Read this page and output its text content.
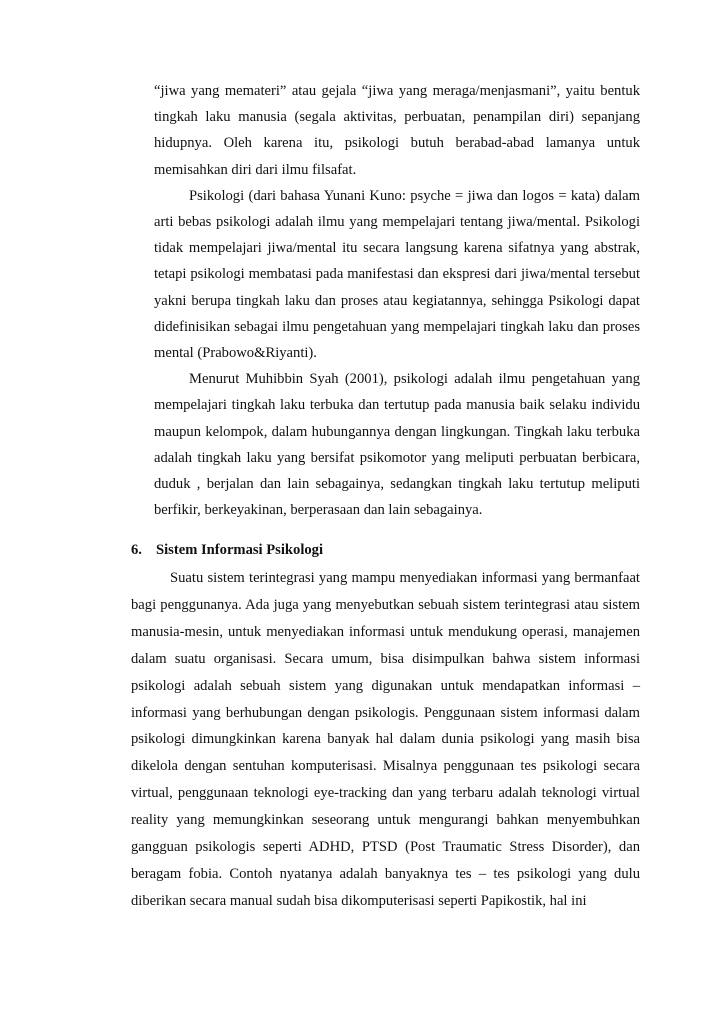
“jiwa yang ​​mematerі” atau gejala “jiwa yang ​​meraga/menjasmani”, yaitu bentuk tingkah laku manusia (segala aktivitas, perbuatan, penampilan diri) sepanjang hidupnya. Oleh karena itu, psikologi butuh berabad-abad lamanya untuk memisahkan diri dari ilmu filsafat.

Psikologi (dari bahasa Yunani Kuno: psyche = jiwa dan logos = kata) dalam arti bebas psikologi adalah ilmu yang mempelajari tentang jiwa/mental. Psikologi tidak mempelajari jiwa/mental itu secara langsung karena sifatnya yang abstrak, tetapi psikologi membatasi pada manifestasi dan ekspresi dari jiwa/mental tersebut yakni berupa tingkah laku dan proses atau kegiatannya, sehingga Psikologi dapat didefinisikan sebagai ilmu pengetahuan yang mempelajari tingkah laku dan proses mental (Prabowo&Riyanti).

Menurut Muhibbin Syah (2001), psikologi adalah ilmu pengetahuan yang mempelajari tingkah laku terbuka dan tertutup pada manusia baik selaku individu maupun kelompok, dalam hubungannya dengan lingkungan. Tingkah laku terbuka adalah tingkah laku yang bersifat psikomotor yang meliputi perbuatan berbicara, duduk , berjalan dan lain sebagainya, sedangkan tingkah laku tertutup meliputi berfikir, berkeyakinan, berperasaan dan lain sebagainya.

6. Sistem Informasi Psikologi

Suatu sistem terintegrasi yang mampu menyediakan informasi yang bermanfaat bagi penggunanya. Ada juga yang menyebutkan sebuah sistem terintegrasi atau sistem manusia-mesin, untuk menyediakan informasi untuk mendukung operasi, manajemen dalam suatu organisasi. Secara umum, bisa disimpulkan bahwa sistem informasi psikologi adalah sebuah sistem yang digunakan untuk mendapatkan informasi – informasi yang berhubungan dengan psikologis. Penggunaan sistem informasi dalam psikologi dimungkinkan karena banyak hal dalam dunia psikologi yang masih bisa dikelola dengan sentuhan komputerisasi. Misalnya penggunaan tes psikologi secara virtual, penggunaan teknologi eye-tracking dan yang terbaru adalah teknologi virtual reality yang memungkinkan seseorang untuk mengurangi bahkan menyembuhkan gangguan psikologis seperti ADHD, PTSD (Post Traumatic Stress Disorder), dan beragam fobia. Contoh nyatanya adalah banyaknya tes – tes psikologi yang dulu diberikan secara manual sudah bisa dikomputerisasi seperti Papikostik, hal ini
